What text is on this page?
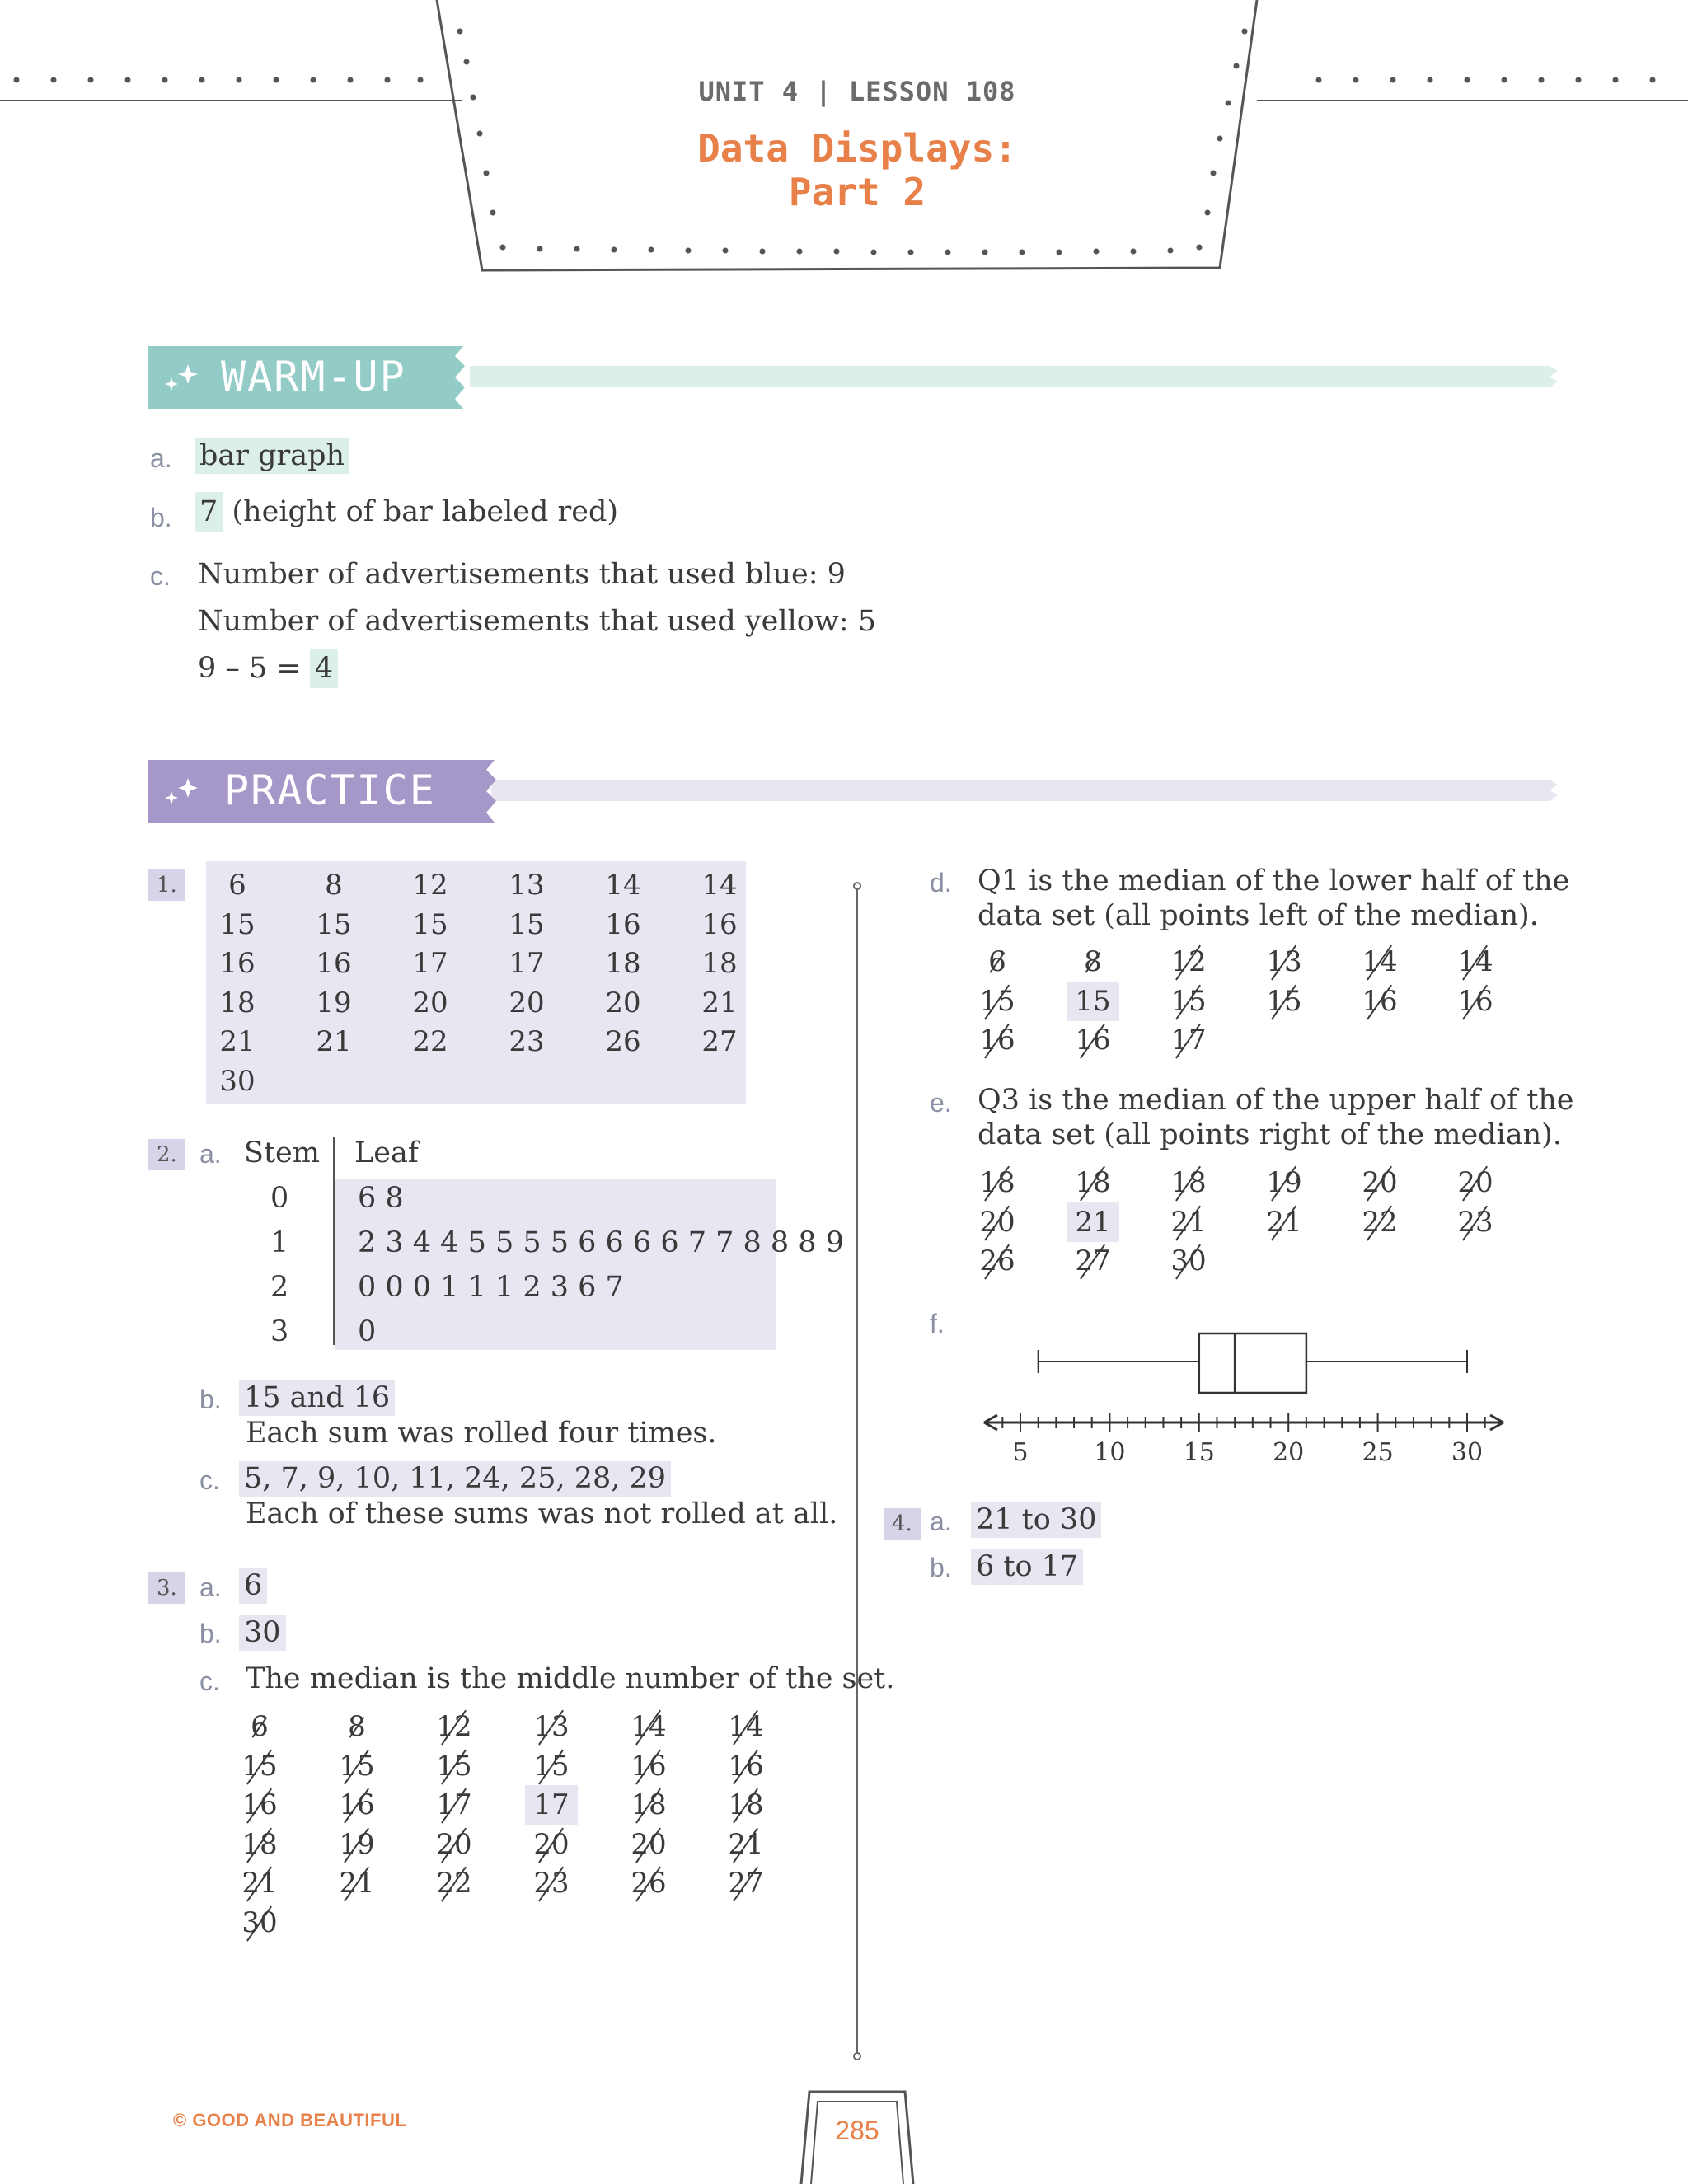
UNIT 4 | LESSON 108
Data Displays:
Part 2
WARM-UP
a. bar graph
b. 7 (height of bar labeled red)
c. Number of advertisements that used blue: 9
Number of advertisements that used yellow: 5
9 – 5 = 4
PRACTICE
1.	6	8	12	13	14	14
15	15	15	15	16	16
16	16	17	17	18	18
18	19	20	20	20	21
21	21	22	23	26	27
30
2. a. Stem Leaf
0 6 8
1 2 3 4 4 5 5 5 5 6 6 6 6 7 7 8 8 8 9
2 0 0 0 1 1 1 2 3 6 7
3 0
b. 15 and 16
Each sum was rolled four times.
c. 5, 7, 9, 10, 11, 24, 25, 28, 29
Each of these sums was not rolled at all.
3. a. 6
b. 30
c. The median is the middle number of the set.
6	8	12	13	14	14
15	15	15	15	16	16
16	16	17	17	18	18
18	19	20	20	20	21
21	21	22	23	26	27
30
d. Q1 is the median of the lower half of the
data set (all points left of the median).
6	8	12	13	14	14
15	15	15	15	16	16
16	16	17
e. Q3 is the median of the upper half of the
data set (all points right of the median).
18	18	18	19	20	20
20	21	21	21	22	23
26	27	30
f.
5	10 15 20 25 30
4. a. 21 to 30
b. 6 to 17
© GOOD AND BEAUTIFUL	285
